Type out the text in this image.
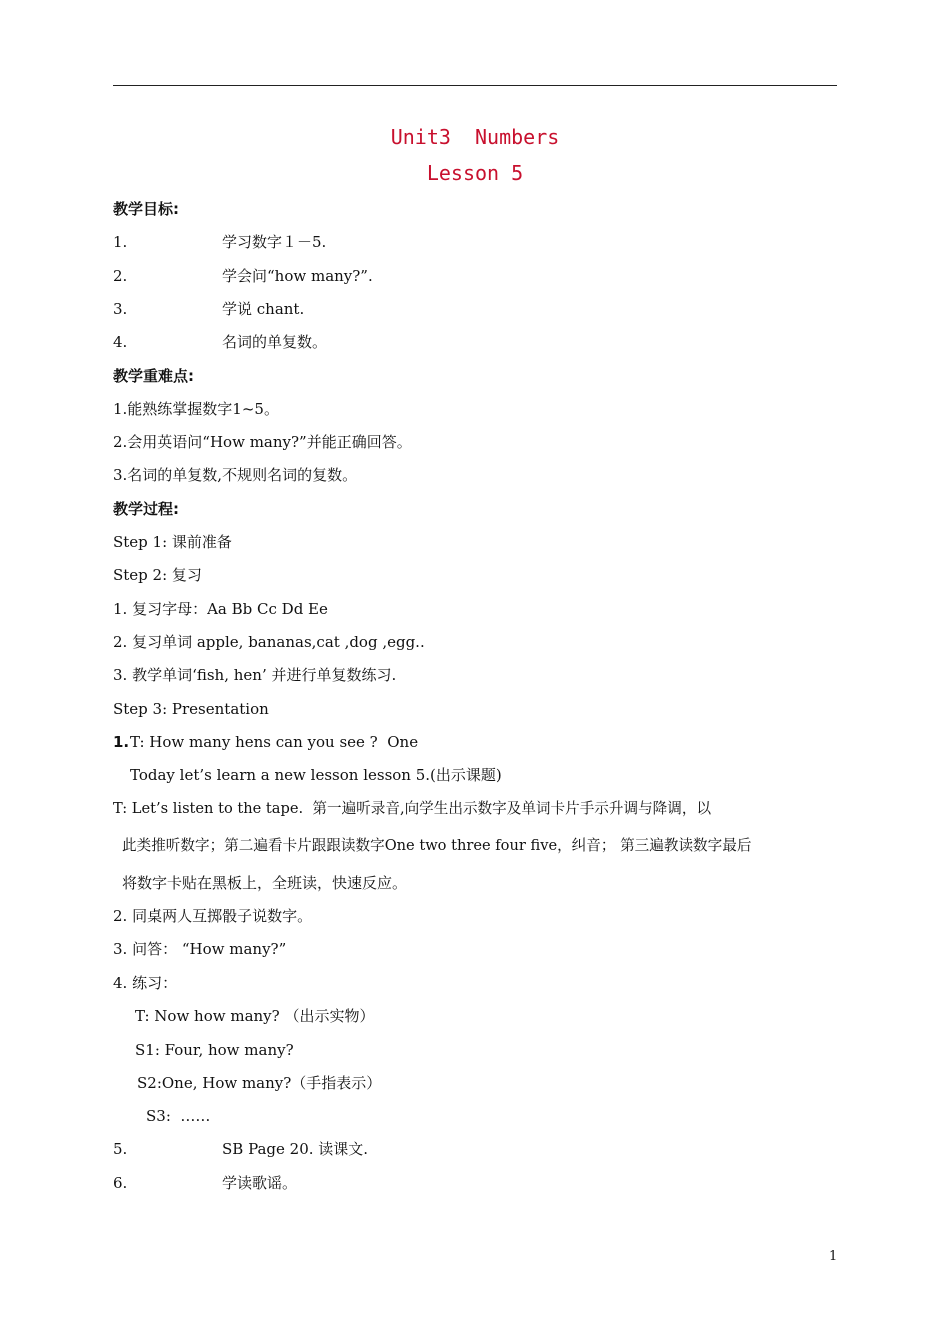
Unit3  Numbers
Lesson 5
教学目标:
1.	学习数字１－5.
2.	学会问“how many?”.
3.	学说 chant.
4.	名词的单复数。
教学重难点:
1.能熟练掌握数字1~5。
2.会用英语问“How many?”并能正确回答。
3.名词的单复数,不规则名词的复数。
教学过程:
Step 1: 课前准备
Step 2: 复习
1. 复习字母：Aa Bb Cc Dd Ee
2. 复习单词 apple, bananas,cat ,dog ,egg..
3. 教学单词‘fish, hen’ 并进行单复数练习.
Step 3: Presentation
1. T: How many hens can you see ?  One
Today let’s learn a new lesson lesson 5.(出示课题)
T: Let’s listen to the tape.  第一遍听录音,向学生出示数字及单词卡片手示升调与降调，以
此类推听数字；第二遍看卡片跟跟读数字One two three four five，纠音； 第三遍教读数字最后
将数字卡贴在黑板上，全班读，快速反应。
2. 同桌两人互掷骰子说数字。
3. 问答： “How many?”
4. 练习：
T: Now how many? （出示实物）
S1: Four, how many?
S2:One, How many?（手指表示）
S3:  ……
5.	SB Page 20. 读课文.
6.	学读歌谣。
1
